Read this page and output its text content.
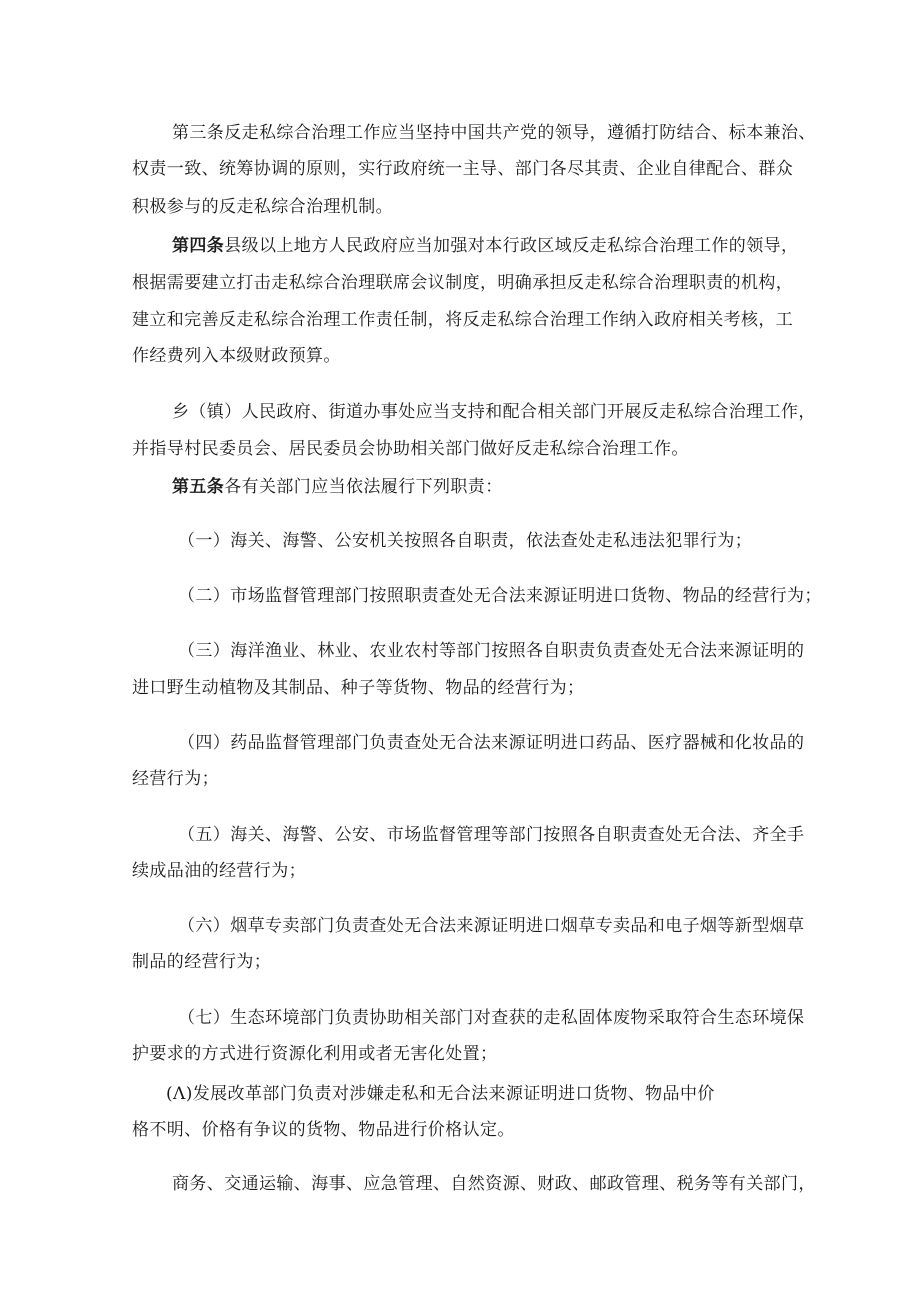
第三条反走私综合治理工作应当坚持中国共产党的领导，遵循打防结合、标本兼治、
权责一致、统筹协调的原则，实行政府统一主导、部门各尽其责、企业自律配合、群众
积极参与的反走私综合治理机制。
第四条县级以上地方人民政府应当加强对本行政区域反走私综合治理工作的领导，
根据需要建立打击走私综合治理联席会议制度，明确承担反走私综合治理职责的机构，
建立和完善反走私综合治理工作责任制，将反走私综合治理工作纳入政府相关考核，工
作经费列入本级财政预算。
乡（镇）人民政府、街道办事处应当支持和配合相关部门开展反走私综合治理工作，
并指导村民委员会、居民委员会协助相关部门做好反走私综合治理工作。
第五条各有关部门应当依法履行下列职责：
（一）海关、海警、公安机关按照各自职责，依法查处走私违法犯罪行为；
（二）市场监督管理部门按照职责查处无合法来源证明进口货物、物品的经营行为；
（三）海洋渔业、林业、农业农村等部门按照各自职责负责查处无合法来源证明的
进口野生动植物及其制品、种子等货物、物品的经营行为；
（四）药品监督管理部门负责查处无合法来源证明进口药品、医疗器械和化妆品的
经营行为；
（五）海关、海警、公安、市场监督管理等部门按照各自职责查处无合法、齐全手
续成品油的经营行为；
（六）烟草专卖部门负责查处无合法来源证明进口烟草专卖品和电子烟等新型烟草
制品的经营行为；
（七）生态环境部门负责协助相关部门对查获的走私固体废物采取符合生态环境保
护要求的方式进行资源化利用或者无害化处置；
(Λ)发展改革部门负责对涉嫌走私和无合法来源证明进口货物、物品中价
格不明、价格有争议的货物、物品进行价格认定。
商务、交通运输、海事、应急管理、自然资源、财政、邮政管理、税务等有关部门，
